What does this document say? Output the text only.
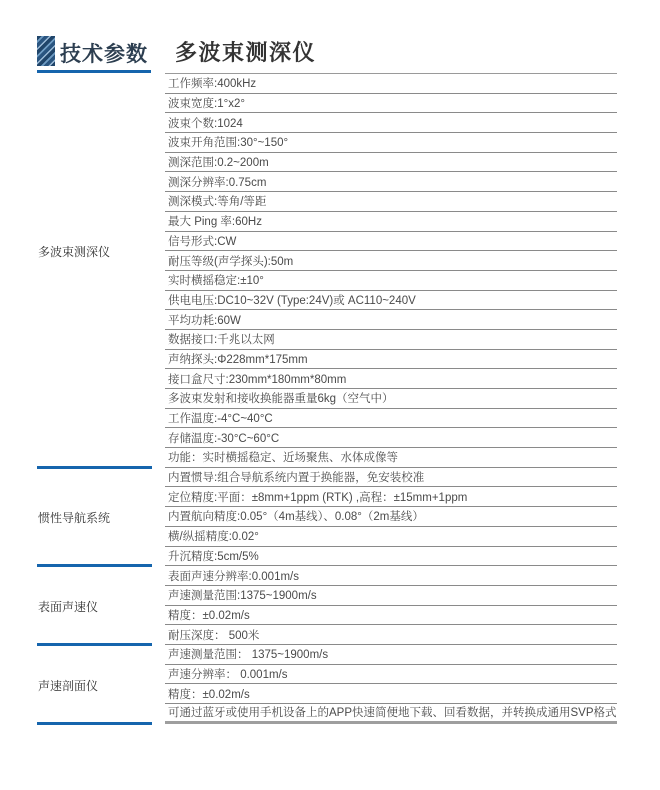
技术参数 多波束测深仪
多波束测深仪
惯性导航系统
表面声速仪
声速剖面仪
工作频率:400kHz
波束宽度:1°x2°
波束个数:1024
波束开角范围:30°~150°
测深范围:0.2~200m
测深分辨率:0.75cm
测深模式:等角/等距
最大 Ping 率:60Hz
信号形式:CW
耐压等级(声学探头):50m
实时横摇稳定:±10°
供电电压:DC10~32V (Type:24V)或 AC110~240V
平均功耗:60W
数据接口:千兆以太网
声纳探头:Φ228mm*175mm
接口盒尺寸:230mm*180mm*80mm
多波束发射和接收换能器重量6kg（空气中）
工作温度:-4°C~40°C
存储温度:-30°C~60°C
功能：实时横摇稳定、近场聚焦、水体成像等
内置惯导:组合导航系统内置于换能器，免安装校准
定位精度:平面：±8mm+1ppm (RTK) ,高程：±15mm+1ppm
内置航向精度:0.05°（4m基线）、0.08°（2m基线）
横/纵摇精度:0.02°
升沉精度:5cm/5%
表面声速分辨率:0.001m/s
声速测量范围:1375~1900m/s
精度：±0.02m/s
耐压深度： 500米
声速测量范围： 1375~1900m/s
声速分辨率： 0.001m/s
精度：±0.02m/s
可通过蓝牙或使用手机设备上的APP快速简便地下载、回看数据，并转换成通用SVP格式
